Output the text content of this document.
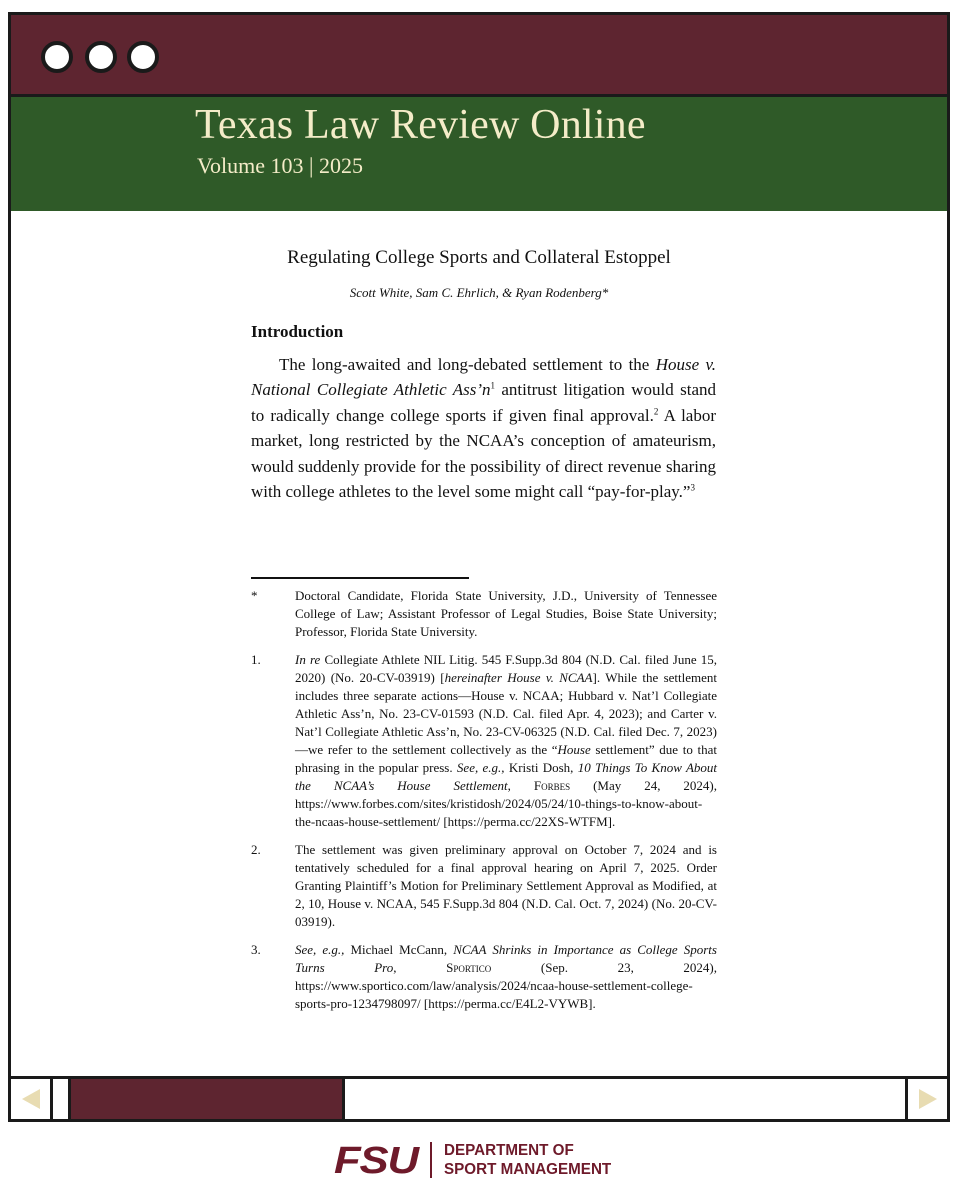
Texas Law Review Online
Volume 103 | 2025
Regulating College Sports and Collateral Estoppel
Scott White, Sam C. Ehrlich, & Ryan Rodenberg*
Introduction

The long-awaited and long-debated settlement to the House v. National Collegiate Athletic $Ass’n^1$ antitrust litigation would stand to radically change college sports if given final approval.$^2$ A labor market, long restricted by the NCAA’s conception of amateurism, would suddenly provide for the possibility of direct revenue sharing with college athletes to the level some might call “pay-for-play.”$^3$

*	Doctoral Candidate, Florida State University, J.D., University of Tennessee College of Law; Assistant Professor of Legal Studies, Boise State University; Professor, Florida State University.
1.	In re Collegiate Athlete NIL Litig. 545 F.Supp.3d 804 (N.D. Cal. filed June 15, 2020) (No. 20-CV-03919) [hereinafter House v. NCAA]. While the settlement includes three separate actions—House v. NCAA; Hubbard v. Nat’l Collegiate Athletic Ass’n, No. 23-CV-01593 (N.D. Cal. filed Apr. 4, 2023); and Carter v. Nat’l Collegiate Athletic Ass’n, No. 23-CV-06325 (N.D. Cal. filed Dec. 7, 2023)—we refer to the settlement collectively as the “House settlement” due to that phrasing in the popular press. See, e.g., Kristi Dosh, 10 Things To Know About the NCAA’s House Settlement, Forbes (May 24, 2024), https://www.forbes.com/sites/kristidosh/2024/05/24/10-things-to-know-about-the-ncaas-house-settlement/ [https://perma.cc/22XS-WTFM].
2.	The settlement was given preliminary approval on October 7, 2024 and is tentatively scheduled for a final approval hearing on April 7, 2025. Order Granting Plaintiff’s Motion for Preliminary Settlement Approval as Modified, at 2, 10, House v. NCAA, 545 F.Supp.3d 804 (N.D. Cal. Oct. 7, 2024) (No. 20-CV-03919).
3.	See, e.g., Michael McCann, NCAA Shrinks in Importance as College Sports Turns Pro, Sportico (Sep. 23, 2024), https://www.sportico.com/law/analysis/2024/ncaa-house-settlement-college-sports-pro-1234798097/ [https://perma.cc/E4L2-VYWB].
FSU DEPARTMENT OF
SPORT MANAGEMENT
